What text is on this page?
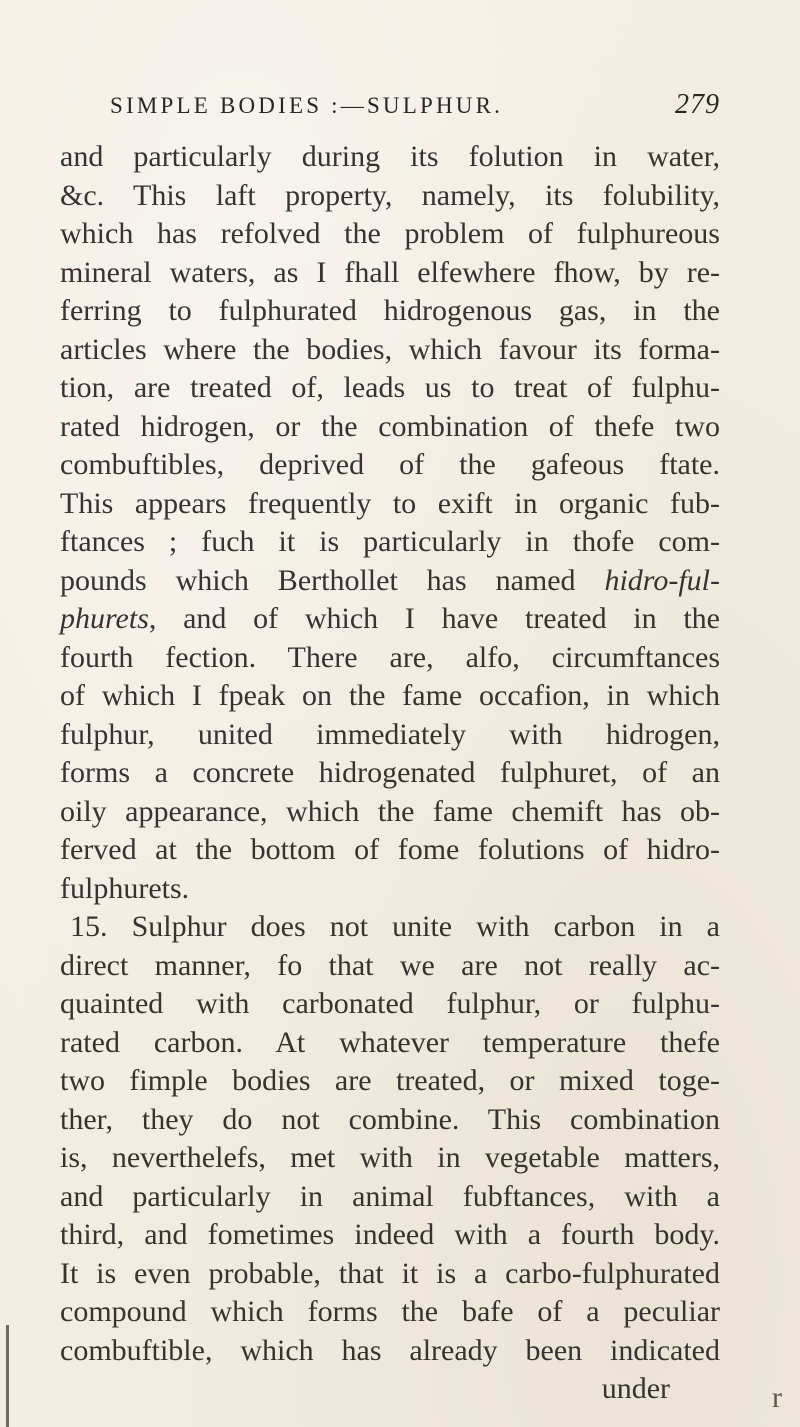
SIMPLE BODIES :—SULPHUR.	279
and particularly during its folution in water,
&c. This laft property, namely, its folubility,
which has refolved the problem of fulphureous
mineral waters, as I fhall elfewhere fhow, by re-
ferring to fulphurated hidrogenous gas, in the
articles where the bodies, which favour its forma-
tion, are treated of, leads us to treat of fulphu-
rated hidrogen, or the combination of thefe two
combuftibles, deprived of the gafeous ftate.
This appears frequently to exift in organic fub-
ftances ; fuch it is particularly in thofe com-
pounds which Berthollet has named hidro-ful-
phurets, and of which I have treated in the
fourth fection. There are, alfo, circumftances
of which I fpeak on the fame occafion, in which
fulphur, united immediately with hidrogen,
forms a concrete hidrogenated fulphuret, of an
oily appearance, which the fame chemift has ob-
ferved at the bottom of fome folutions of hidro-
fulphurets.
15. Sulphur does not unite with carbon in a
direct manner, fo that we are not really ac-
quainted with carbonated fulphur, or fulphu-
rated carbon. At whatever temperature thefe
two fimple bodies are treated, or mixed toge-
ther, they do not combine. This combination
is, neverthelefs, met with in vegetable matters,
and particularly in animal fubftances, with a
third, and fometimes indeed with a fourth body.
It is even probable, that it is a carbo-fulphurated
compound which forms the bafe of a peculiar
combuftible, which has already been indicated
under	r
